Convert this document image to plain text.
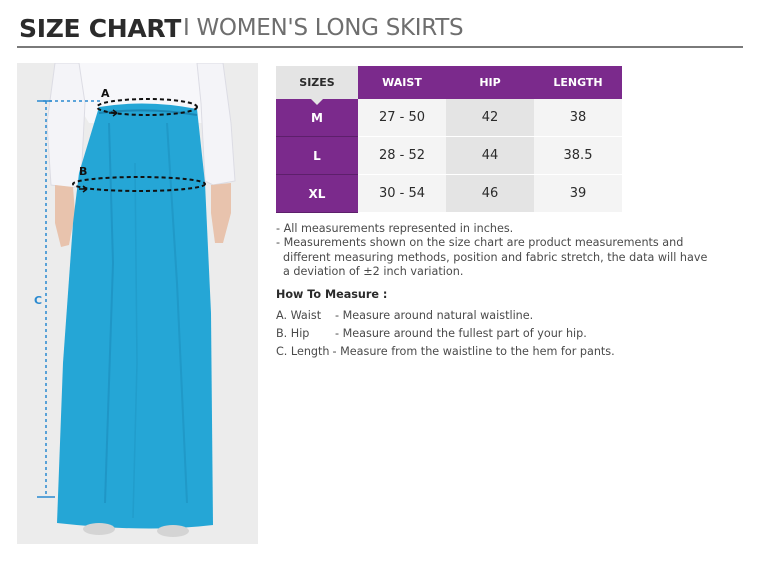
SIZE CHART I WOMEN'S LONG SKIRTS
A
B
C
SIZES	WAIST	HIP	LENGTH
M	27 - 50	42	38
L	28 - 52	44	38.5
XL	30 - 54	46	39

- All measurements represented in inches.

- Measurements shown on the size chart are product measurements and

different measuring methods, position and fabric stretch, the data will have

a deviation of ±2 inch variation.

How To Measure :

A. Waist - Measure around natural waistline.
B. Hip - Measure around the fullest part of your hip.
C. Length - Measure from the waistline to the hem for pants.
